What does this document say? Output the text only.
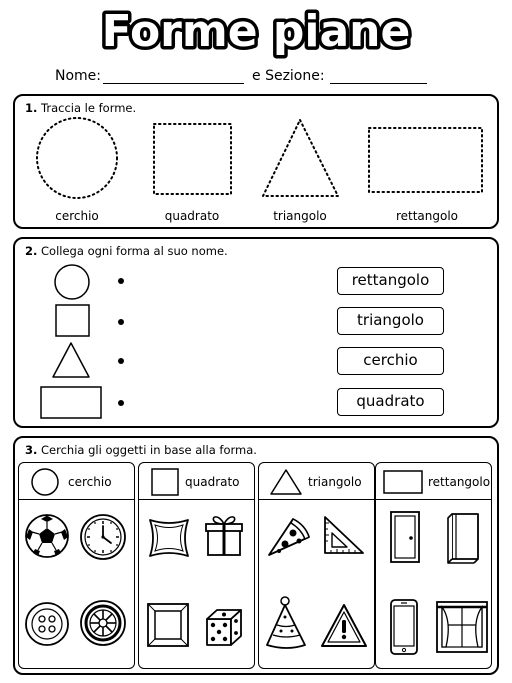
Forme piane
Nome:	e Sezione:
1. Traccia le forme.
cerchio	quadrato	triangolo	rettangolo
2. Collega ogni forma al suo nome.
rettangolo
triangolo
cerchio
quadrato
3. Cerchia gli oggetti in base alla forma.
cerchio	quadrato	triangolo	rettangolo
